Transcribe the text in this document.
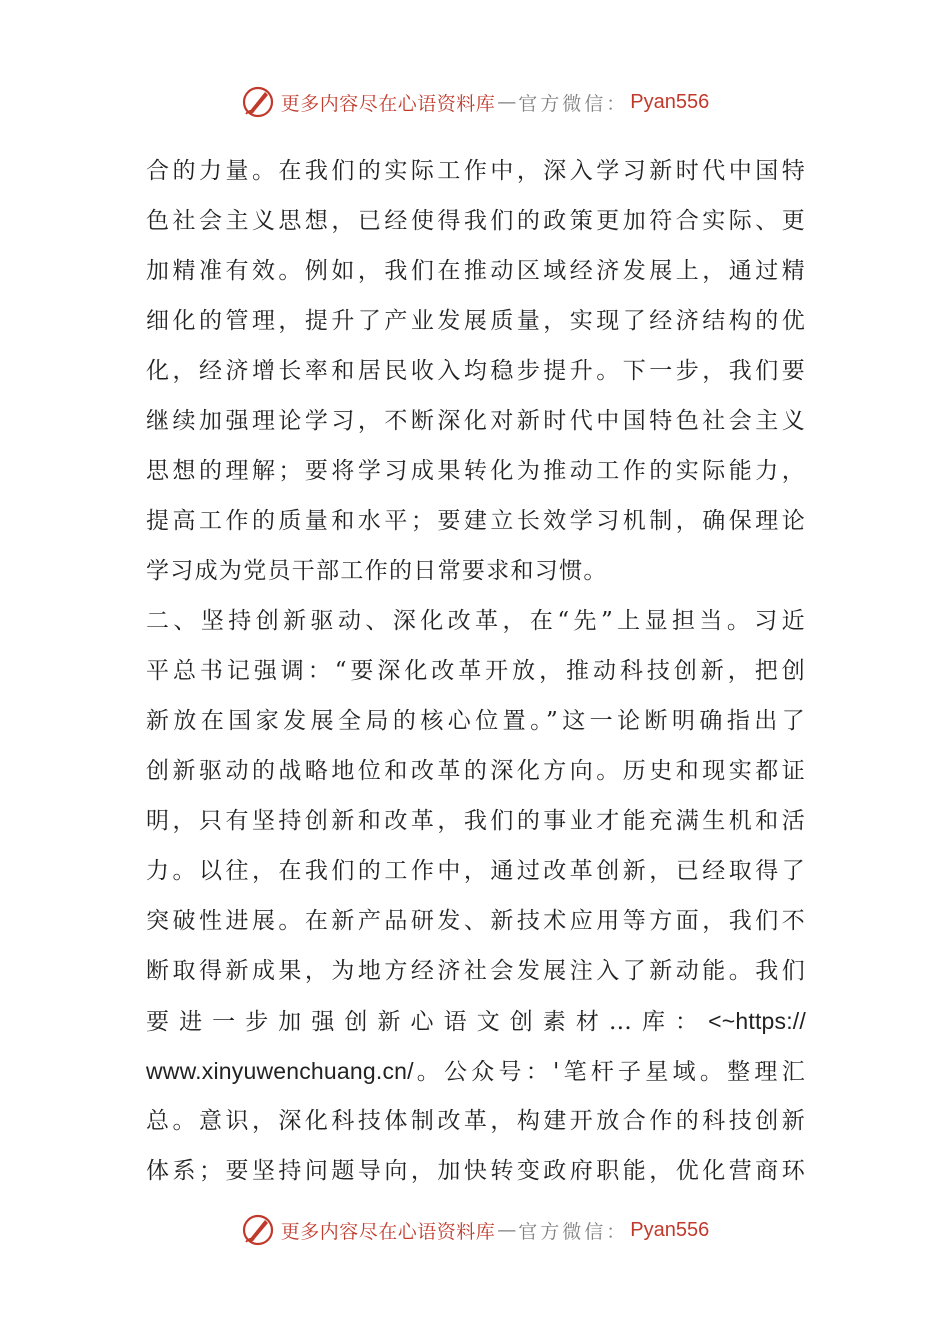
更多内容尽在心语资料库 — 官方微信： Pyan556
合的力量。在我们的实际工作中，深入学习新时代中国特
色社会主义思想，已经使得我们的政策更加符合实际、更
加精准有效。例如，我们在推动区域经济发展上，通过精
细化的管理，提升了产业发展质量，实现了经济结构的优
化，经济增长率和居民收入均稳步提升。下一步，我们要
继续加强理论学习，不断深化对新时代中国特色社会主义
思想的理解；要将学习成果转化为推动工作的实际能力，
提高工作的质量和水平；要建立长效学习机制，确保理论
学习成为党员干部工作的日常要求和习惯。
二、坚持创新驱动、深化改革，在“先”上显担当。习近
平总书记强调：“要深化改革开放，推动科技创新，把创
新放在国家发展全局的核心位置。”这一论断明确指出了
创新驱动的战略地位和改革的深化方向。历史和现实都证
明，只有坚持创新和改革，我们的事业才能充满生机和活
力。以往，在我们的工作中，通过改革创新，已经取得了
突破性进展。在新产品研发、新技术应用等方面，我们不
断取得新成果，为地方经济社会发展注入了新动能。我们
要进一步加强创新心语文创素材…库：<~https://
www.xinyuwenchuang.cn/。公众号：'笔杆子星域。整理汇
总。意识，深化科技体制改革，构建开放合作的科技创新
体系；要坚持问题导向，加快转变政府职能，优化营商环
更多内容尽在心语资料库 — 官方微信： Pyan556
